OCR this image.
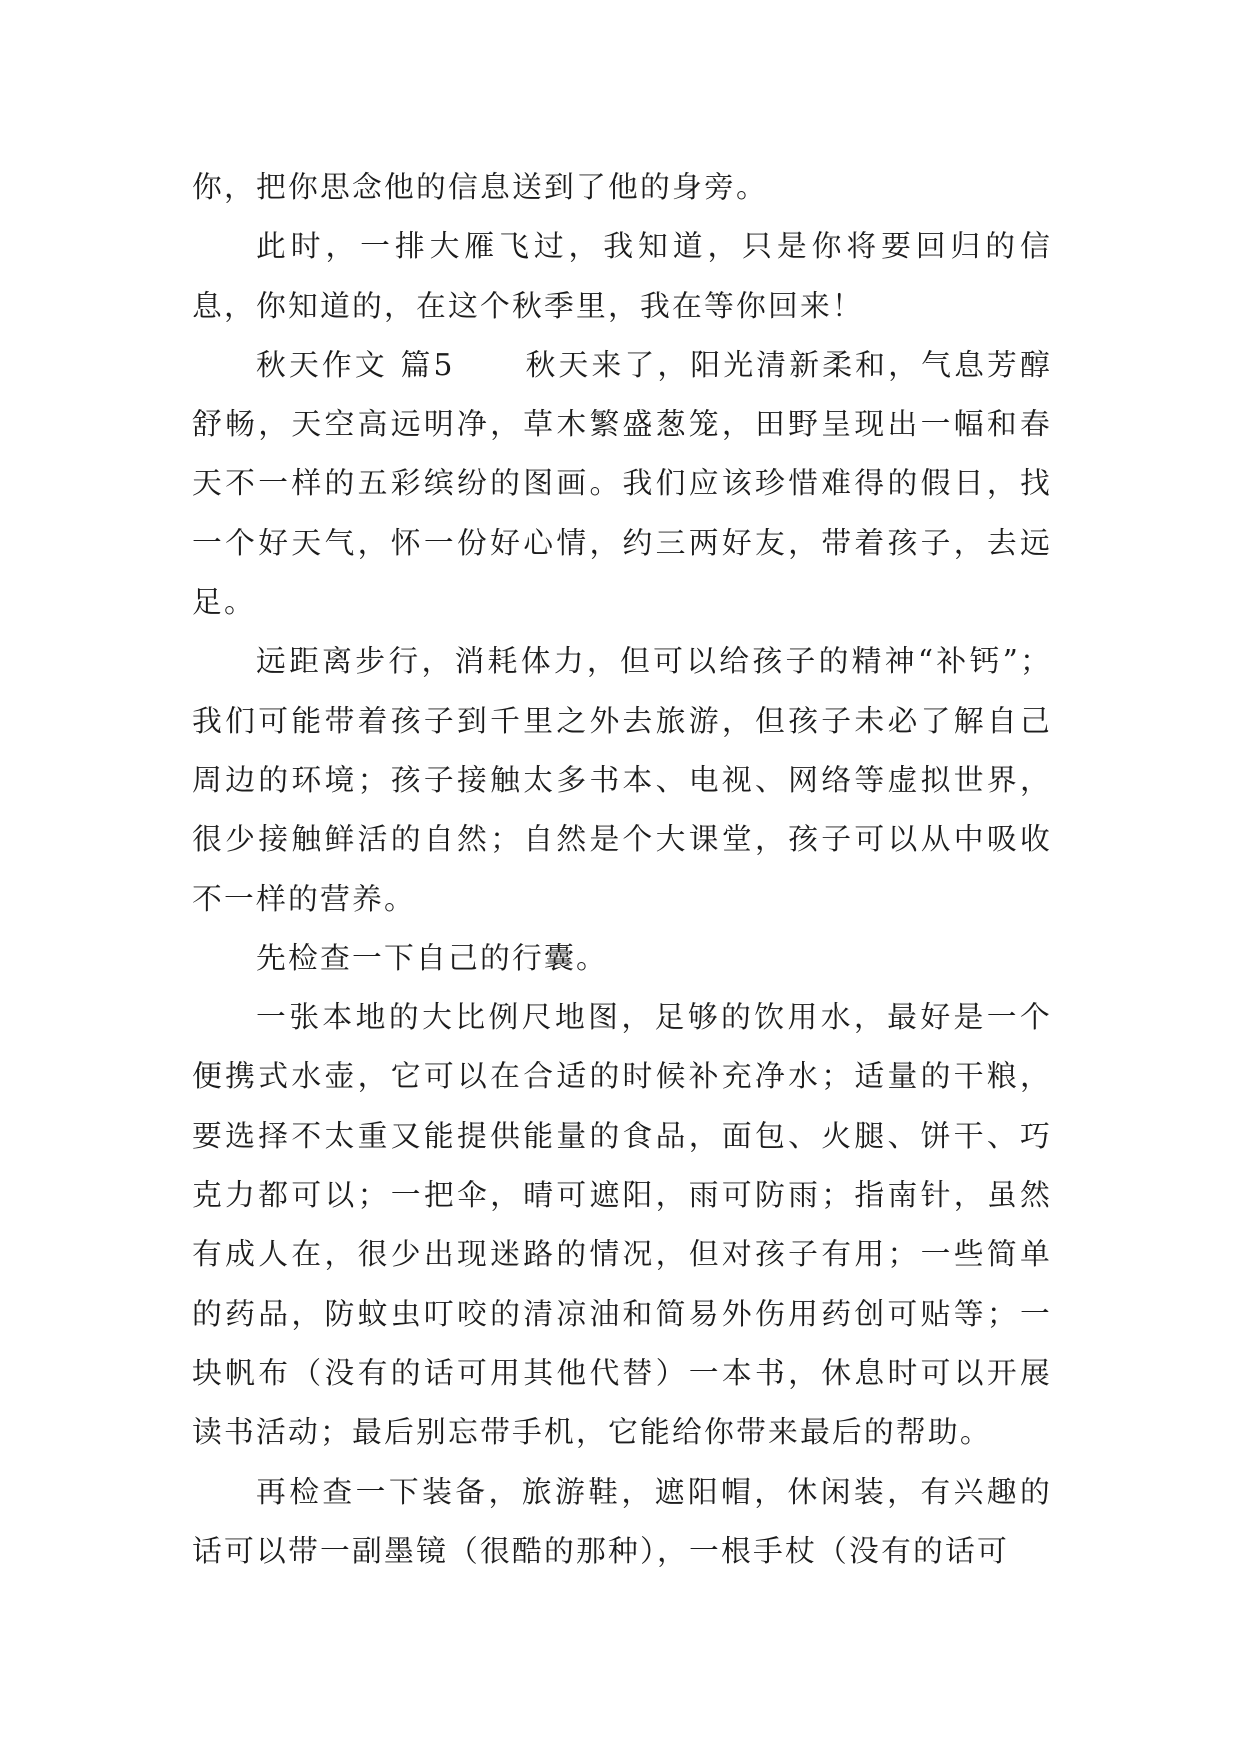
你，把你思念他的信息送到了他的身旁。

此时，一排大雁飞过，我知道，只是你将要回归的信息，你知道的，在这个秋季里，我在等你回来！

秋天作文 篇5 秋天来了，阳光清新柔和，气息芳醇舒畅，天空高远明净，草木繁盛葱笼，田野呈现出一幅和春天不一样的五彩缤纷的图画。我们应该珍惜难得的假日，找一个好天气，怀一份好心情，约三两好友，带着孩子，去远足。

远距离步行，消耗体力，但可以给孩子的精神“补钙”；我们可能带着孩子到千里之外去旅游，但孩子未必了解自己周边的环境；孩子接触太多书本、电视、网络等虚拟世界，很少接触鲜活的自然；自然是个大课堂，孩子可以从中吸收不一样的营养。

先检查一下自己的行囊。

一张本地的大比例尺地图，足够的饮用水，最好是一个便携式水壶，它可以在合适的时候补充净水；适量的干粮，要选择不太重又能提供能量的食品，面包、火腿、饼干、巧克力都可以；一把伞，晴可遮阳，雨可防雨；指南针，虽然有成人在，很少出现迷路的情况，但对孩子有用；一些简单的药品，防蚊虫叮咬的清凉油和简易外伤用药创可贴等；一块帆布（没有的话可用其他代替）一本书，休息时可以开展读书活动；最后别忘带手机，它能给你带来最后的帮助。

再检查一下装备，旅游鞋，遮阳帽，休闲装，有兴趣的话可以带一副墨镜（很酷的那种），一根手杖（没有的话可
